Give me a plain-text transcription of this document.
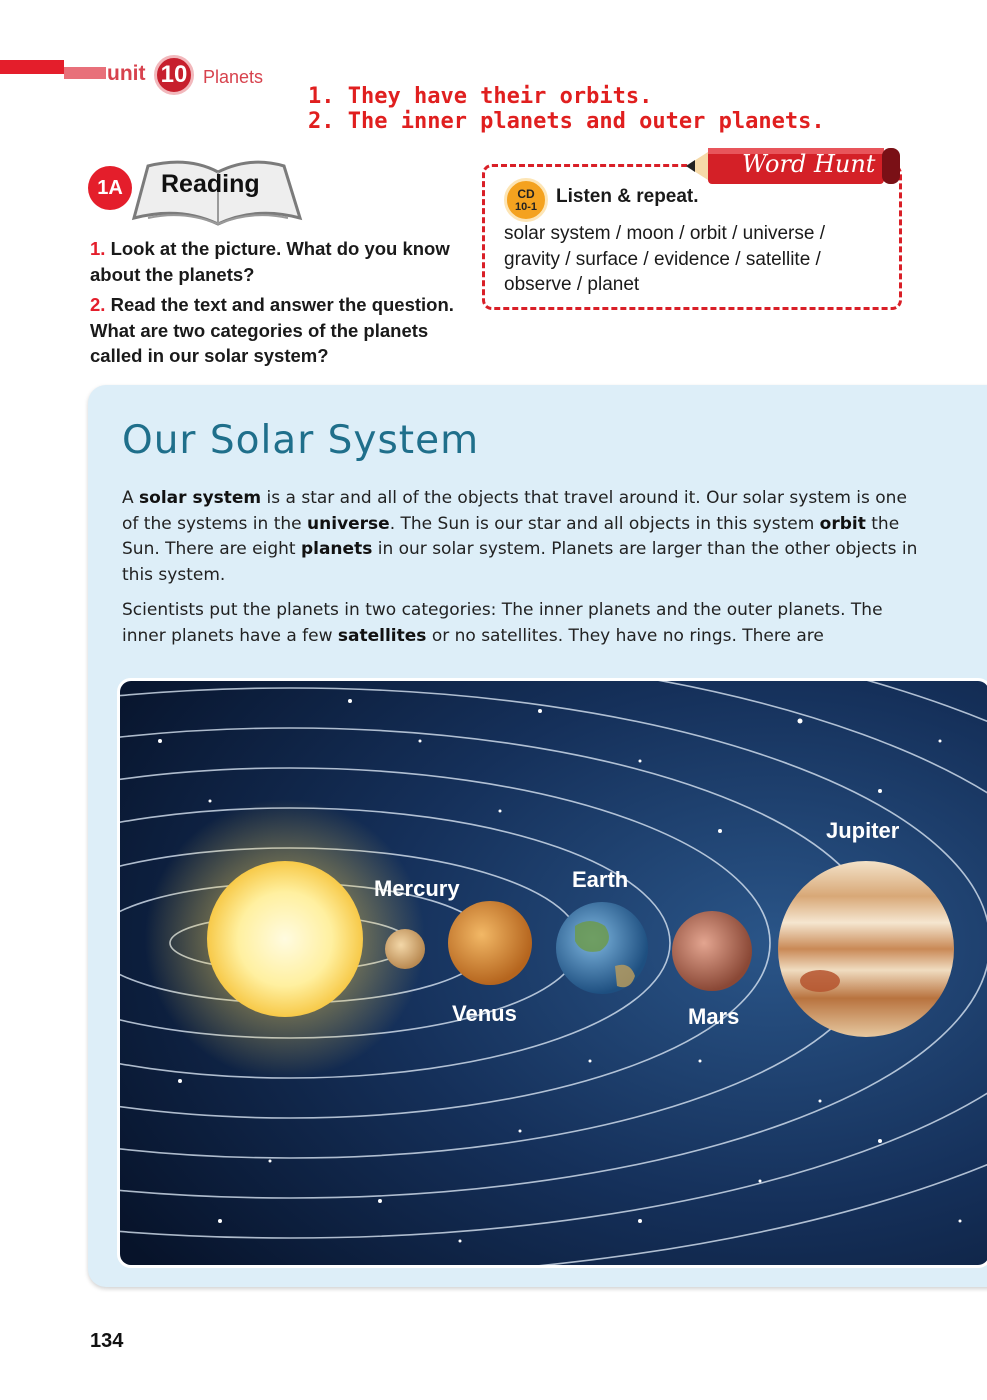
unit 10 Planets
1. They have their orbits.
2. The inner planets and outer planets.
1A	Reading

1. Look at the picture. What do you know about the planets?

2. Read the text and answer the question. What are two categories of the planets called in our solar system?

Word Hunt
CD
10-1 Listen & repeat.
solar system / moon / orbit / universe / gravity / surface / evidence / satellite / observe / planet
Our Solar System

A solar system is a star and all of the objects that travel around it. Our solar system is one of the systems in the universe. The Sun is our star and all objects in this system orbit the Sun. There are eight planets in our solar system. Planets are larger than the other objects in this system.

Scientists put the planets in two categories: The inner planets and the outer planets. The inner planets have a few satellites or no satellites. They have no rings. There are

Mercury
Venus
Earth
Mars
Jupiter
134
